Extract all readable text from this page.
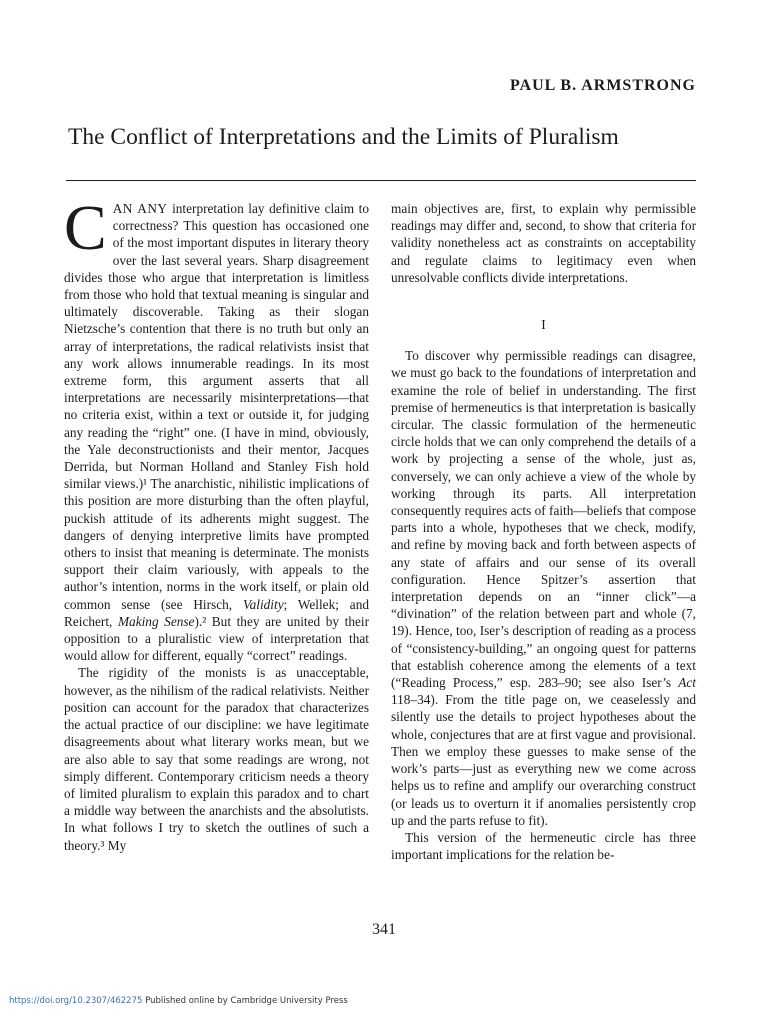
PAUL B. ARMSTRONG
The Conflict of Interpretations and the Limits of Pluralism

CAN ANY interpretation lay definitive claim to correctness? This question has occasioned one of the most important disputes in literary theory over the last several years. Sharp disagreement divides those who argue that interpretation is limitless from those who hold that textual meaning is singular and ultimately discoverable. Taking as their slogan Nietzsche’s contention that there is no truth but only an array of interpretations, the radical relativists insist that any work allows innumerable readings. In its most extreme form, this argument asserts that all interpretations are necessarily misinterpretations—that no criteria exist, within a text or outside it, for judging any reading the “right” one. (I have in mind, obviously, the Yale deconstructionists and their mentor, Jacques Derrida, but Norman Holland and Stanley Fish hold similar views.)¹ The anarchistic, nihilistic implications of this position are more disturbing than the often playful, puckish attitude of its adherents might suggest. The dangers of denying interpretive limits have prompted others to insist that meaning is determinate. The monists support their claim variously, with appeals to the author’s intention, norms in the work itself, or plain old common sense (see Hirsch, Validity; Wellek; and Reichert, Making Sense).² But they are united by their opposition to a pluralistic view of interpretation that would allow for different, equally “correct” readings.

The rigidity of the monists is as unacceptable, however, as the nihilism of the radical relativists. Neither position can account for the paradox that characterizes the actual practice of our discipline: we have legitimate disagreements about what literary works mean, but we are also able to say that some readings are wrong, not simply different. Contemporary criticism needs a theory of limited pluralism to explain this paradox and to chart a middle way between the anarchists and the absolutists. In what follows I try to sketch the outlines of such a theory.³ My

main objectives are, first, to explain why permissible readings may differ and, second, to show that criteria for validity nonetheless act as constraints on acceptability and regulate claims to legitimacy even when unresolvable conflicts divide interpretations.

I

To discover why permissible readings can disagree, we must go back to the foundations of interpretation and examine the role of belief in understanding. The first premise of hermeneutics is that interpretation is basically circular. The classic formulation of the hermeneutic circle holds that we can only comprehend the details of a work by projecting a sense of the whole, just as, conversely, we can only achieve a view of the whole by working through its parts. All interpretation consequently requires acts of faith—beliefs that compose parts into a whole, hypotheses that we check, modify, and refine by moving back and forth between aspects of any state of affairs and our sense of its overall configuration. Hence Spitzer’s assertion that interpretation depends on an “inner click”—a “divination” of the relation between part and whole (7, 19). Hence, too, Iser’s description of reading as a process of “consistency-building,” an ongoing quest for patterns that establish coherence among the elements of a text (“Reading Process,” esp. 283–90; see also Iser’s Act 118–34). From the title page on, we ceaselessly and silently use the details to project hypotheses about the whole, conjectures that are at first vague and provisional. Then we employ these guesses to make sense of the work’s parts—just as everything new we come across helps us to refine and amplify our overarching construct (or leads us to overturn it if anomalies persistently crop up and the parts refuse to fit).

This version of the hermeneutic circle has three important implications for the relation be-

341
https://doi.org/10.2307/462275 Published online by Cambridge University Press
